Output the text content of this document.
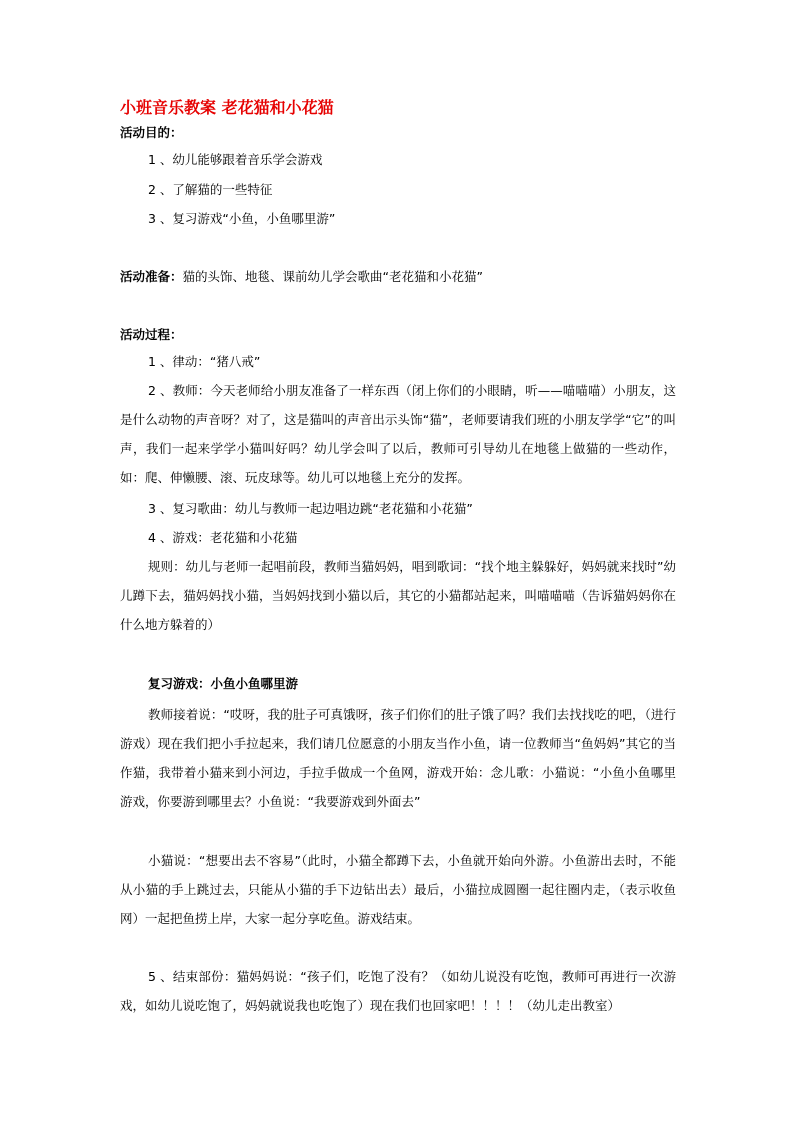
小班音乐教案 老花猫和小花猫
活动目的：
1 、幼儿能够跟着音乐学会游戏
2 、了解猫的一些特征
3 、复习游戏“小鱼，小鱼哪里游”
活动准备：猫的头饰、地毯、课前幼儿学会歌曲“老花猫和小花猫”
活动过程：
1 、律动：“猪八戒”
2 、教师：今天老师给小朋友准备了一样东西（闭上你们的小眼睛，听——喵喵喵）小朋友，这是什么动物的声音呀？对了，这是猫叫的声音出示头饰“猫”，老师要请我们班的小朋友学学“它”的叫声，我们一起来学学小猫叫好吗？幼儿学会叫了以后，教师可引导幼儿在地毯上做猫的一些动作，如：爬、伸懒腰、滚、玩皮球等。幼儿可以地毯上充分的发挥。
3 、复习歌曲：幼儿与教师一起边唱边跳“老花猫和小花猫”
4 、游戏：老花猫和小花猫
规则：幼儿与老师一起唱前段，教师当猫妈妈，唱到歌词：“找个地主躲躲好，妈妈就来找时”幼儿蹲下去，猫妈妈找小猫，当妈妈找到小猫以后，其它的小猫都站起来，叫喵喵喵（告诉猫妈妈你在什么地方躲着的）
复习游戏：小鱼小鱼哪里游
教师接着说：“哎呀，我的肚子可真饿呀，孩子们你们的肚子饿了吗？我们去找找吃的吧，（进行游戏）现在我们把小手拉起来，我们请几位愿意的小朋友当作小鱼，请一位教师当“鱼妈妈”其它的当作猫，我带着小猫来到小河边，手拉手做成一个鱼网，游戏开始：念儿歌：小猫说：“小鱼小鱼哪里游戏，你要游到哪里去？小鱼说：“我要游戏到外面去”
小猫说：“想要出去不容易”（此时，小猫全都蹲下去，小鱼就开始向外游。小鱼游出去时，不能从小猫的手上跳过去，只能从小猫的手下边钻出去）最后，小猫拉成圆圈一起往圈内走，（表示收鱼网）一起把鱼捞上岸，大家一起分享吃鱼。游戏结束。
5 、结束部份：猫妈妈说：“孩子们，吃饱了没有？（如幼儿说没有吃饱，教师可再进行一次游戏，如幼儿说吃饱了，妈妈就说我也吃饱了）现在我们也回家吧！！！！（幼儿走出教室）
